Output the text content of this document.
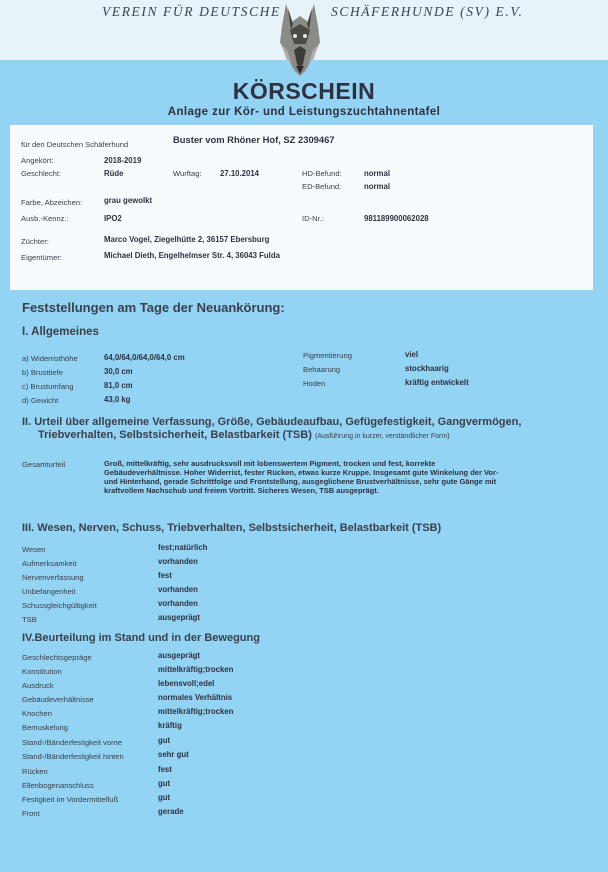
VEREIN FÜR DEUTSCHE	SCHÄFERHUNDE (SV) E.V.
KÖRSCHEIN
Anlage zur Kör- und Leistungszuchtahnentafel
für den Deutschen Schäferhund	Buster vom Rhöner Hof, SZ 2309467
Angekört:	2018-2019
Geschlecht:	Rüde	Wurftag: 27.10.2014	HD-Befund:	normal
ED-Befund:	normal
Farbe, Abzeichen:	grau gewolkt
Ausb.-Kennz.:	IPO2	ID-Nr.:	981189900062028
Züchter:	Marco Vogel, Ziegelhütte 2, 36157 Ebersburg
Eigentümer:	Michael Dieth, Engelhelmser Str. 4, 36043 Fulda
Feststellungen am Tage der Neuankörung:
I. Allgemeines
a) Widerristhöhe	64,0/64,0/64,0/64,0 cm
b) Brusttiefe	30,0 cm
c) Brustumfang	81,0 cm
d) Gewicht	43,0 kg
Pigmentierung	viel
Behaarung	stockhaarig
Hoden	kräftig entwickelt
II. Urteil über allgemeine Verfassung, Größe, Gebäudeaufbau, Gefügefestigkeit, Gangvermögen,
Triebverhalten, Selbstsicherheit, Belastbarkeit (TSB) (Ausführung in kurzer, verständlicher Form)
Gesamturteil	Groß, mittelkräftig, sehr ausdrucksvoll mit lobenswertem Pigment, trocken und fest, korrekte
Gebäudeverhältnisse. Hoher Widerrist, fester Rücken, etwas kurze Kruppe. Insgesamt gute Winkelung der Vor-
und Hinterhand, gerade Schrittfolge und Frontstellung, ausgeglichene Brustverhältnisse, sehr gute Gänge mit
kraftvollem Nachschub und freiem Vortritt. Sicheres Wesen, TSB ausgeprägt.
III. Wesen, Nerven, Schuss, Triebverhalten, Selbstsicherheit, Belastbarkeit (TSB)
Wesen	fest;natürlich
Aufmerksamkeit	vorhanden
Nervenverfassung	fest
Unbefangenheit	vorhanden
Schussgleichgültigkeit	vorhanden
TSB	ausgeprägt
IV.Beurteilung im Stand und in der Bewegung
Geschlechtsgepräge	ausgeprägt
Konstitution	mittelkräftig;trocken
Ausdruck	lebensvoll;edel
Gebäudeverhältnisse	normales Verhältnis
Knochen	mittelkräftig;trocken
Bemuskelung	kräftig
Stand-/Bänderfestigkeit vorne	gut
Stand-/Bänderfestigkeit hinten	sehr gut
Rücken	fest
Ellenbogenanschluss	gut
Festigkeit im Vordermittelfuß	gut
Front	gerade
